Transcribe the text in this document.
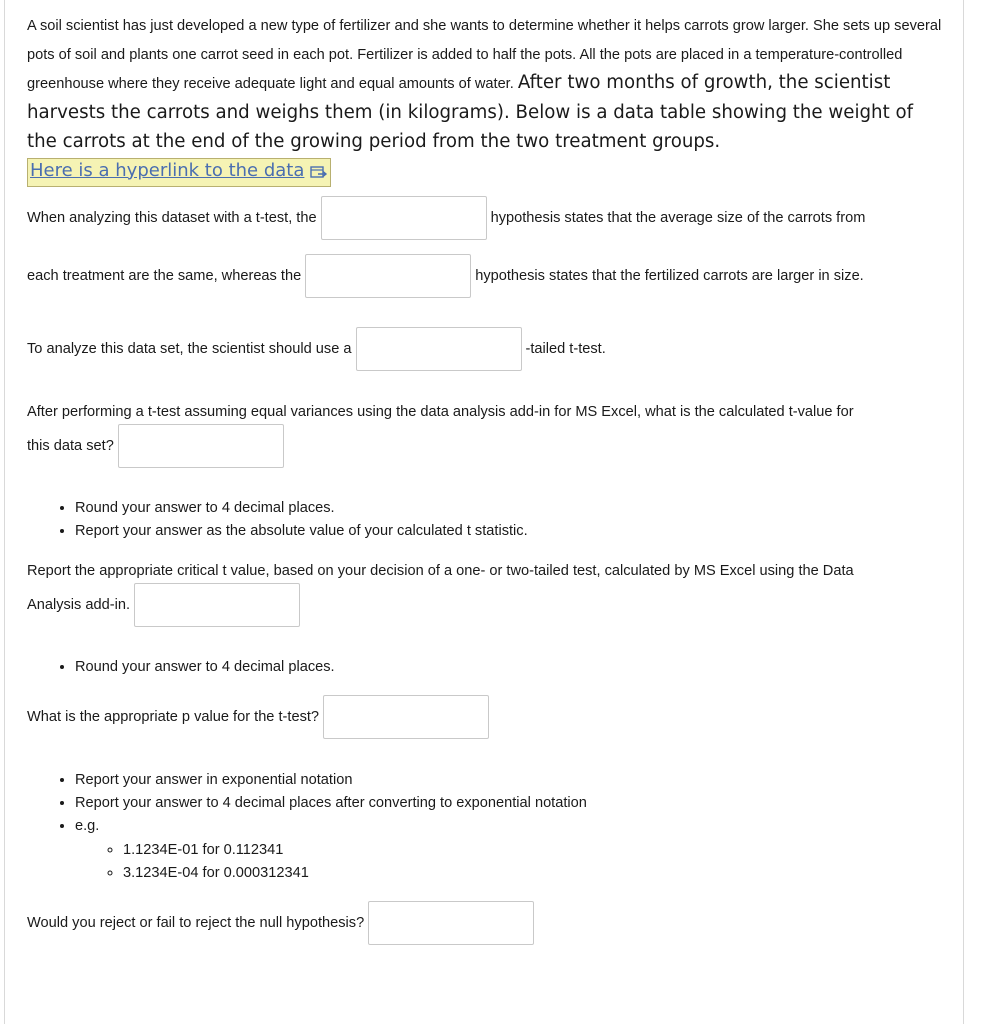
A soil scientist has just developed a new type of fertilizer and she wants to determine whether it helps carrots grow larger. She sets up several pots of soil and plants one carrot seed in each pot. Fertilizer is added to half the pots. All the pots are placed in a temperature-controlled greenhouse where they receive adequate light and equal amounts of water. After two months of growth, the scientist harvests the carrots and weighs them (in kilograms). Below is a data table showing the weight of the carrots at the end of the growing period from the two treatment groups.
Here is a hyperlink to the data
When analyzing this dataset with a t-test, the	hypothesis states that the average size of the carrots from
each treatment are the same, whereas the	hypothesis states that the fertilized carrots are larger in size.
To analyze this data set, the scientist should use a	-tailed t-test.
After performing a t-test assuming equal variances using the data analysis add-in for MS Excel, what is the calculated t-value for
this data set?
• Round your answer to 4 decimal places.
• Report your answer as the absolute value of your calculated t statistic.
Report the appropriate critical t value, based on your decision of a one- or two-tailed test, calculated by MS Excel using the Data
Analysis add-in.
• Round your answer to 4 decimal places.
What is the appropriate p value for the t-test?
• Report your answer in exponential notation
• Report your answer to 4 decimal places after converting to exponential notation
• e.g.
◦ 1.1234E-01 for 0.112341
◦ 3.1234E-04 for 0.000312341
Would you reject or fail to reject the null hypothesis?
